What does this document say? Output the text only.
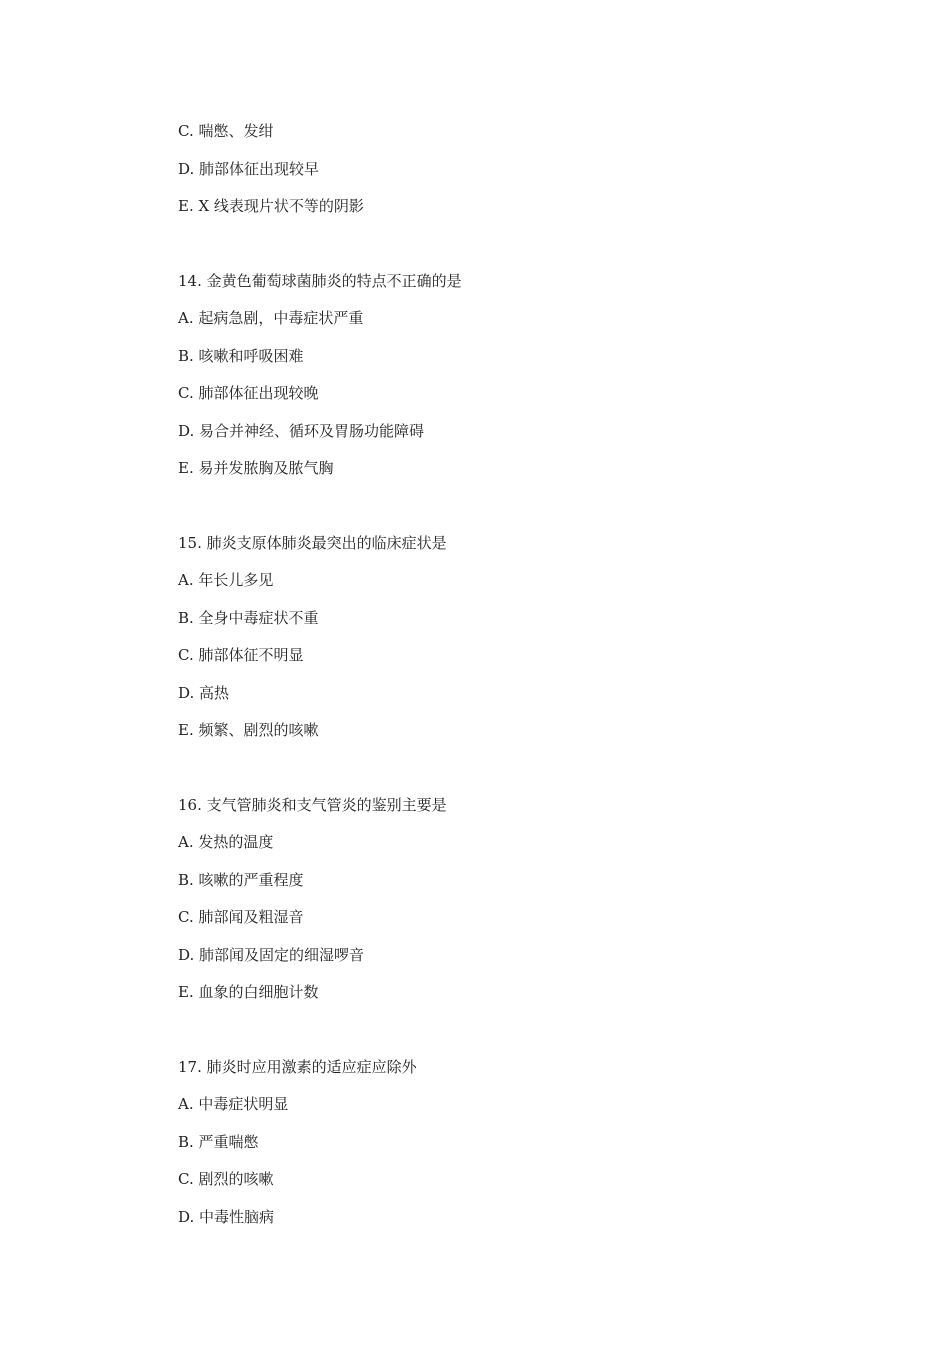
C. 喘憋、发绀
D. 肺部体征出现较早
E. X 线表现片状不等的阴影
14. 金黄色葡萄球菌肺炎的特点不正确的是
A. 起病急剧，中毒症状严重
B. 咳嗽和呼吸困难
C. 肺部体征出现较晚
D. 易合并神经、循环及胃肠功能障碍
E. 易并发脓胸及脓气胸
15. 肺炎支原体肺炎最突出的临床症状是
A. 年长儿多见
B. 全身中毒症状不重
C. 肺部体征不明显
D. 高热
E. 频繁、剧烈的咳嗽
16. 支气管肺炎和支气管炎的鉴别主要是
A. 发热的温度
B. 咳嗽的严重程度
C. 肺部闻及粗湿音
D. 肺部闻及固定的细湿啰音
E. 血象的白细胞计数
17. 肺炎时应用激素的适应症应除外
A. 中毒症状明显
B. 严重喘憋
C. 剧烈的咳嗽
D. 中毒性脑病
